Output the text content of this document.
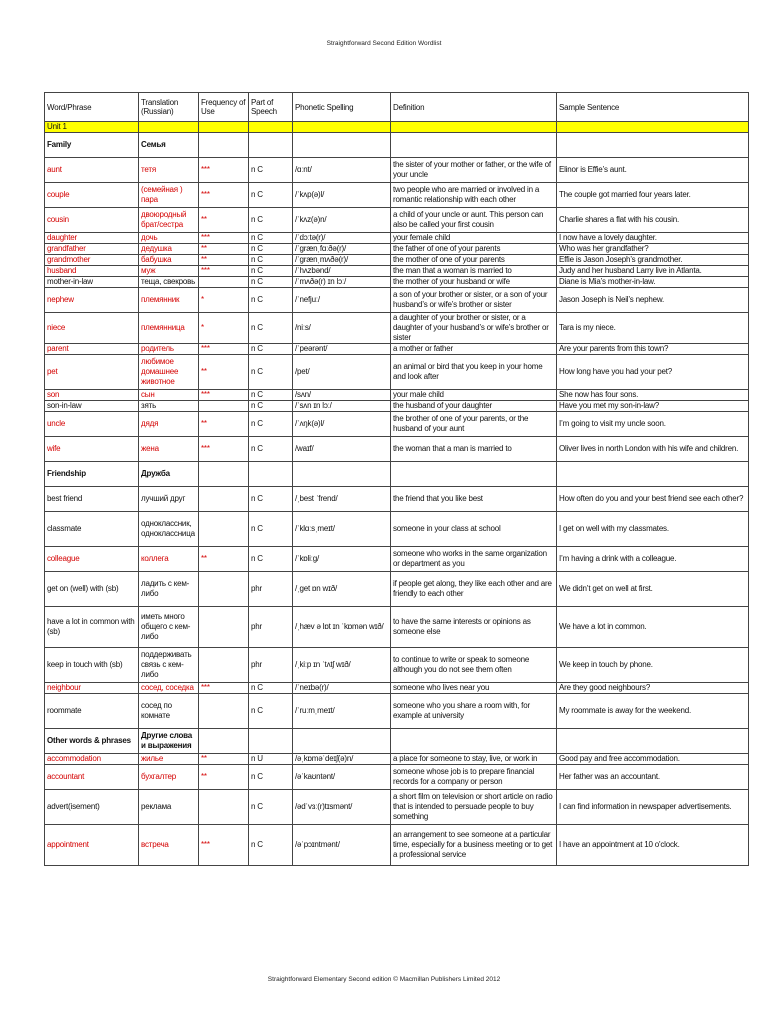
Straightforward Second Edition Wordlist
Word/Phrase	Translation (Russian)	Frequency of Use	Part of Speech	Phonetic Spelling	Definition	Sample Sentence
Unit 1						
Family	Семья					
aunt	тетя	***	n C	/ɑːnt/	the sister of your mother or father, or the wife of your uncle	Elinor is Effie’s aunt.
couple	(семейная ) пара	***	n C	/ˈkʌp(ə)l/	two people who are married or involved in a romantic relationship with each other	The couple got married four years later.
cousin	двоюродный брат/сестра	**	n C	/ˈkʌz(ə)n/	a child of your uncle or aunt. This person can also be called your first cousin	Charlie shares a flat with his cousin.
daughter	дочь	***	n C	/ˈdɔːtə(r)/	your female child	I now have a lovely daughter.
grandfather	дедушка	**	n C	/ˈɡrænˌfɑːðə(r)/	the father of one of your parents	Who was her grandfather?
grandmother	бабушка	**	n C	/ˈɡrænˌmʌðə(r)/	the mother of one of your parents	Effie is Jason Joseph’s grandmother.
husband	муж	***	n C	/ˈhʌzbənd/	the man that a woman is married to	Judy and her husband Larry live in Atlanta.
mother-in-law	теща, свекровь		n C	/ˈmʌðə(r) ɪn lɔː/	the mother of your husband or wife	Diane is Mia’s mother-in-law.
nephew	племянник	*	n C	/ˈnefjuː/	a son of your brother or sister, or a son of your husband’s or wife’s brother or sister	Jason Joseph is Neil’s nephew.
niece	племянница	*	n C	/niːs/	a daughter of your brother or sister, or a daughter of your husband’s or wife’s brother or sister	Tara is my niece.
parent	родитель	***	n C	/ˈpeərənt/	a mother or father	Are your parents from this town?
pet	любимое домашнее животное	**	n C	/pet/	an animal or bird that you keep in your home and look after	How long have you had your pet?
son	сын	***	n C	/sʌn/	your male child	She now has four sons.
son-in-law	зять		n C	/ˈsʌn ɪn lɔː/	the husband of your daughter	Have you met my son-in-law?
uncle	дядя	**	n C	/ˈʌŋk(ə)l/	the brother of one of your parents, or the husband of your aunt	I’m going to visit my uncle soon.
wife	жена	***	n C	/waɪf/	the woman that a man is married to	Oliver lives in north London with his wife and children.
Friendship	Дружба					
best friend	лучший друг		n C	/ˌbest ˈfrend/	the friend that you like best	How often do you and your best friend see each other?
classmate	одноклассник, одноклассница		n C	/ˈklɑːsˌmeɪt/	someone in your class at school	I get on well with my classmates.
colleague	коллега	**	n C	/ˈkɒliːɡ/	someone who works in the same organization or department as you	I’m having a drink with a colleague.
get on (well) with (sb)	ладить с кем-либо		phr	/ˌɡet ɒn wɪð/	if people get along, they like each other and are friendly to each other	We didn’t get on well at first.
have a lot in common with (sb)	иметь много общего с кем-либо		phr	/ˌhæv ə lɒt ɪn ˈkɒmən wɪð/	to have the same interests or opinions as someone else	We have a lot in common.
keep in touch with (sb)	поддерживать связь с кем-либо		phr	/ˌkiːp ɪn ˈtʌtʃ wɪð/	to continue to write or speak to someone although you do not see them often	We keep in touch by phone.
neighbour	сосед, соседка	***	n C	/ˈneɪbə(r)/	someone who lives near you	Are they good neighbours?
roommate	сосед по комнате		n C	/ˈruːmˌmeɪt/	someone who you share a room with, for example at university	My roommate is away for the weekend.
Other words & phrases	Другие слова и выражения					
accommodation	жилье	**	n U	/əˌkɒməˈdeɪʃ(ə)n/	a place for someone to stay, live, or work in	Good pay and free accommodation.
accountant	бухгалтер	**	n C	/əˈkaʊntənt/	someone whose job is to prepare financial records for a company or person	Her father was an accountant.
advert(isement)	реклама		n C	/ədˈvɜː(r)tɪsmənt/	a short film on television or short article on radio that is intended to persuade people to buy something	I can find information in newspaper advertisements.
appointment	встреча	***	n C	/əˈpɔɪntmənt/	an arrangement to see someone at a particular time, especially for a business meeting or to get a professional service	I have an appointment at 10 o'clock.
Straightforward Elementary Second edition © Macmillan Publishers Limited 2012
